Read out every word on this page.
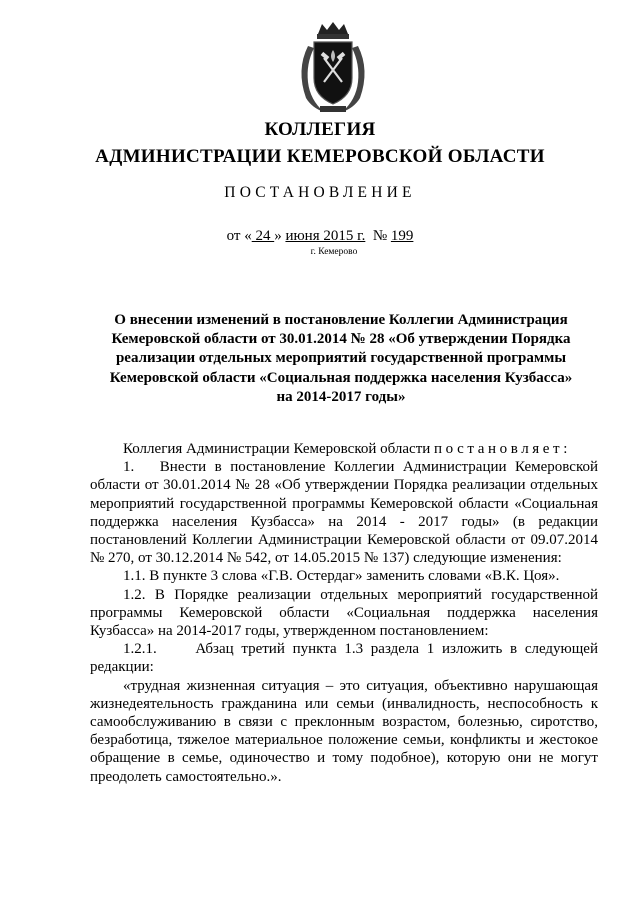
КОЛЛЕГИЯ
АДМИНИСТРАЦИИ КЕМЕРОВСКОЙ ОБЛАСТИ
ПОСТАНОВЛЕНИЕ
от « 24 » июня 2015 г.  № 199
г. Кемерово
О внесении изменений в постановление Коллегии Администрация Кемеровской области от 30.01.2014 № 28 «Об утверждении Порядка реализации отдельных мероприятий государственной программы Кемеровской области «Социальная поддержка населения Кузбасса» на 2014-2017 годы»

Коллегия Администрации Кемеровской области постановляет:

1.   Внести в постановление Коллегии Администрации Кемеровской области от 30.01.2014 № 28 «Об утверждении Порядка реализации отдельных мероприятий государственной программы Кемеровской области «Социальная поддержка населения Кузбасса» на 2014 - 2017 годы» (в редакции постановлений Коллегии Администрации Кемеровской области от 09.07.2014 № 270, от 30.12.2014 № 542, от 14.05.2015 № 137) следующие изменения:

1.1. В пункте 3 слова «Г.В. Остердаг» заменить словами «В.К. Цоя».

1.2. В Порядке реализации отдельных мероприятий государственной программы Кемеровской области «Социальная поддержка населения Кузбасса» на 2014-2017 годы, утвержденном постановлением:

1.2.1.     Абзац третий пункта 1.3 раздела 1 изложить в следующей редакции:

«трудная жизненная ситуация – это ситуация, объективно нарушающая жизнедеятельность гражданина или семьи (инвалидность, неспособность к самообслуживанию в связи с преклонным возрастом, болезнью, сиротство, безработица, тяжелое материальное положение семьи, конфликты и жестокое обращение в семье, одиночество и тому подобное), которую они не могут преодолеть самостоятельно.».
